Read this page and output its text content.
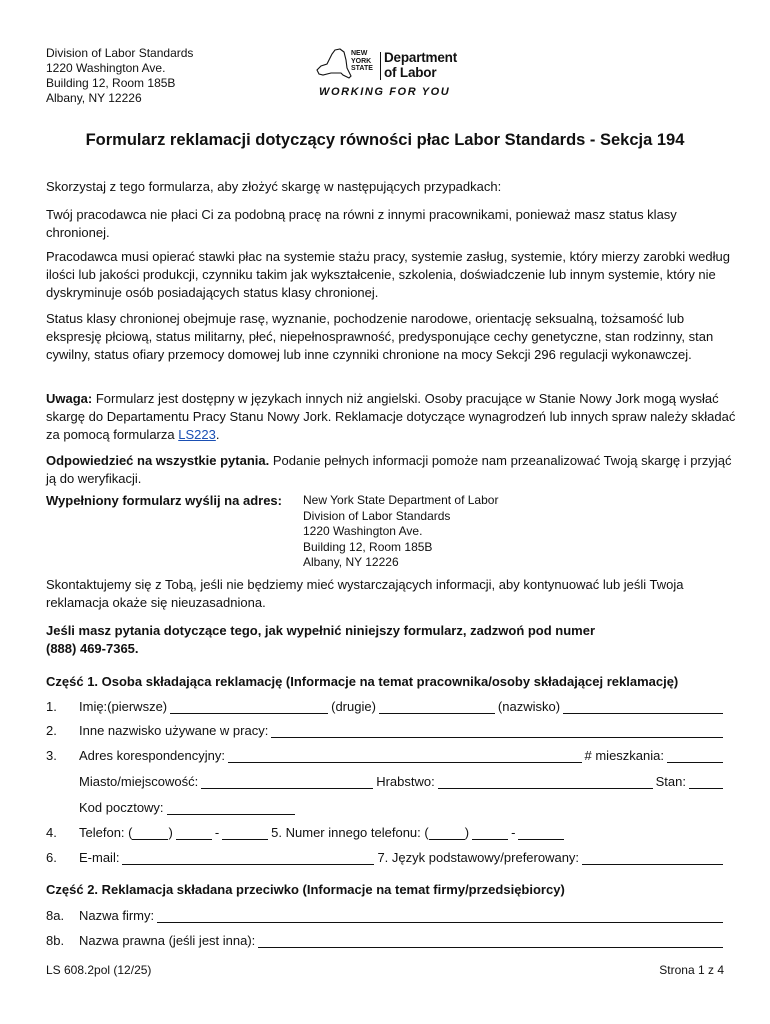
Division of Labor Standards
1220 Washington Ave.
Building 12, Room 185B
Albany, NY 12226
NEW
YORK
STATE
Department
of Labor
WORKING FOR YOU
Formularz reklamacji dotyczący równości płac Labor Standards - Sekcja 194
Skorzystaj z tego formularza, aby złożyć skargę w następujących przypadkach:
Twój pracodawca nie płaci Ci za podobną pracę na równi z innymi pracownikami, ponieważ masz status klasy chronionej.
Pracodawca musi opierać stawki płac na systemie stażu pracy, systemie zasług, systemie, który mierzy zarobki według ilości lub jakości produkcji, czynniku takim jak wykształcenie, szkolenia, doświadczenie lub innym systemie, który nie dyskryminuje osób posiadających status klasy chronionej.
Status klasy chronionej obejmuje rasę, wyznanie, pochodzenie narodowe, orientację seksualną, tożsamość lub ekspresję płciową, status militarny, płeć, niepełnosprawność, predysponujące cechy genetyczne, stan rodzinny, stan cywilny, status ofiary przemocy domowej lub inne czynniki chronione na mocy Sekcji 296 regulacji wykonawczej.
Uwaga: Formularz jest dostępny w językach innych niż angielski. Osoby pracujące w Stanie Nowy Jork mogą wysłać skargę do Departamentu Pracy Stanu Nowy Jork. Reklamacje dotyczące wynagrodzeń lub innych spraw należy składać za pomocą formularza LS223.
Odpowiedzieć na wszystkie pytania. Podanie pełnych informacji pomoże nam przeanalizować Twoją skargę i przyjąć ją do weryfikacji.
Wypełniony formularz wyślij na adres: New York State Department of Labor
Division of Labor Standards
1220 Washington Ave.
Building 12, Room 185B
Albany, NY 12226
Skontaktujemy się z Tobą, jeśli nie będziemy mieć wystarczających informacji, aby kontynuować lub jeśli Twoja reklamacja okaże się nieuzasadniona.
Jeśli masz pytania dotyczące tego, jak wypełnić niniejszy formularz, zadzwoń pod numer (888) 469-7365.
Część 1. Osoba składająca reklamację (Informacje na temat pracownika/osoby składającej reklamację)
1. Imię:(pierwsze)	(drugie)	(nazwisko)
2. Inne nazwisko używane w pracy:
3. Adres korespondencyjny:	# mieszkania:
Miasto/miejscowość:	Hrabstwo:	Stan:
Kod pocztowy:
4. Telefon: (	)	-	5. Numer innego telefonu: (	)	-
6. E-mail:	7. Język podstawowy/preferowany:
Część 2. Reklamacja składana przeciwko (Informacje na temat firmy/przedsiębiorcy)
8a. Nazwa firmy:
8b. Nazwa prawna (jeśli jest inna):
LS 608.2pol (12/25)	Strona 1 z 4
